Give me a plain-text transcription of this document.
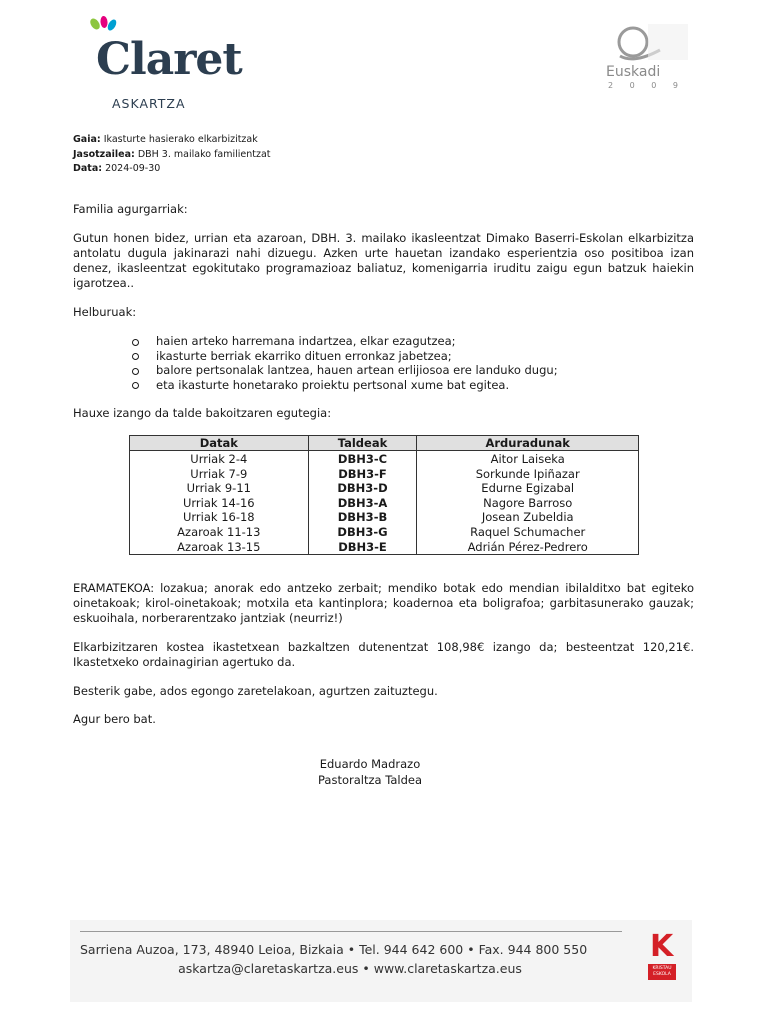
Claret
ASKARTZA
Euskadi
2 0 0 9
Gaia: Ikasturte hasierako elkarbizitzak
Jasotzailea: DBH 3. mailako familientzat
Data: 2024-09-30
Familia agurgarriak:
Gutun honen bidez, urrian eta azaroan, DBH. 3. mailako ikasleentzat Dimako Baserri-Eskolan elkarbizitza antolatu dugula jakinarazi nahi dizuegu. Azken urte hauetan izandako esperientzia oso positiboa izan denez, ikasleentzat egokitutako programazioaz baliatuz, komenigarria iruditu zaigu egun batzuk haiekin igarotzea..
Helburuak:
haien arteko harremana indartzea, elkar ezagutzea;
ikasturte berriak ekarriko dituen erronkaz jabetzea;
balore pertsonalak lantzea, hauen artean erlijiosoa ere landuko dugu;
eta ikasturte honetarako proiektu pertsonal xume bat egitea.
Hauxe izango da talde bakoitzaren egutegia:
Datak	Taldeak	Arduradunak
Urriak 2-4	DBH3-C	Aitor Laiseka
Urriak 7-9	DBH3-F	Sorkunde Ipiñazar
Urriak 9-11	DBH3-D	Edurne Egizabal
Urriak 14-16	DBH3-A	Nagore Barroso
Urriak 16-18	DBH3-B	Josean Zubeldia
Azaroak 11-13	DBH3-G	Raquel Schumacher
Azaroak 13-15	DBH3-E	Adrián Pérez-Pedrero
ERAMATEKOA: lozakua; anorak edo antzeko zerbait; mendiko botak edo mendian ibilalditxo bat egiteko oinetakoak; kirol-oinetakoak; motxila eta kantinplora; koadernoa eta boligrafoa; garbitasunerako gauzak; eskuoihala, norberarentzako jantziak (neurriz!)
Elkarbizitzaren kostea ikastetxean bazkaltzen dutenentzat 108,98€ izango da; besteentzat 120,21€.
Ikastetxeko ordainagirian agertuko da.
Besterik gabe, ados egongo zaretelakoan, agurtzen zaituztegu.
Agur bero bat.
Eduardo Madrazo
Pastoraltza Taldea
Sarriena Auzoa, 173, 48940 Leioa, Bizkaia • Tel. 944 642 600 • Fax. 944 800 550
askartza@claretaskartza.eus • www.claretaskartza.eus
K
KRISTAU ESKOLA
